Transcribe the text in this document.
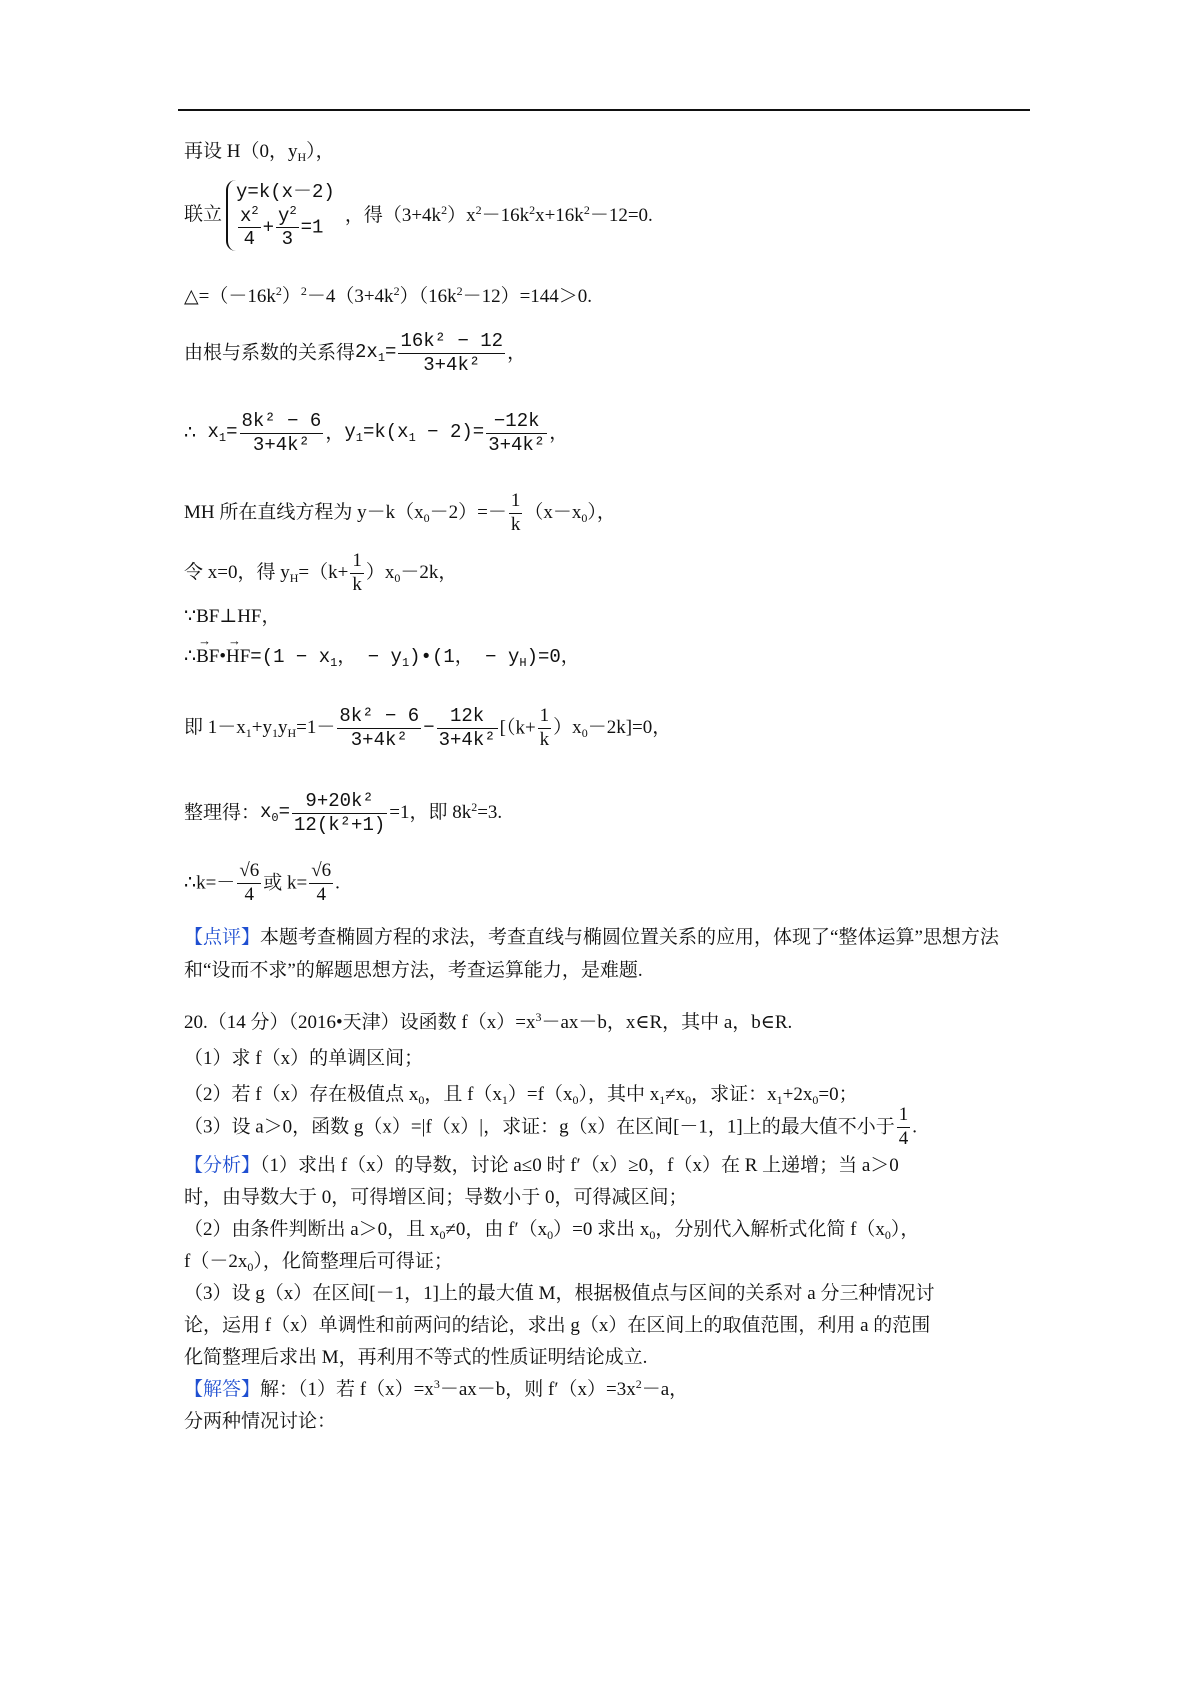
再设 H（0，$y_H$），
联立
y=k(x－2)
$\frac{x^2}{4} + \frac{y^2}{3} =1$
，得$(3+4k^2)x^2-16k^2x+16k^2-12=0$.
$\triangle=(-16k^2)^2-4(3+4k^2)(16k^2-12)=144>0$.
由根与系数的关系得$2x_1= \frac{\text{16k² − 12}}{\text{3+4k²}}$ ，
∴ $x_1= \frac{\text{8k² − 6}}{\text{3+4k²}}$ ，$y_1=k(x_1 - 2)= \frac{-12k}{\text{3+4k²}}$ ，
MH 所在直线方程为 $y-k(x_0-2)=- \frac{1}{k} (x-x_0)$，
令 x=0，得 $y_H=(k+ \frac{1}{k} )x_0-2k$，
∵BF⊥HF，
∴→ BF•→ $HF=(1 - x_1$， − $y_1)•(1$， − $y_H)=0$，
即 $1-x_1+y_1y_H=1- \frac{\text{8k² − 6}}{\text{3+4k²}} - \frac{12k}{\text{3+4k²}} [(k+ \frac{1}{k} )x_0-2k]=0$，
整理得：$x_0= \frac{\text{9+20k²}}{\text{12(k²+1)}} =1$，即 $8k^2=3$.
∴k=－ $\frac{√6}{4}$ 或 $k= \frac{√6}{4}$ .
【点评】本题考查椭圆方程的求法，考查直线与椭圆位置关系的应用，体现了“整体运算”思想方法和“设而不求”的解题思想方法，考查运算能力，是难题.
20.（14 分）（2016•天津）设函数 $f(x)=x^3-ax-b$，x∈R，其中 a，b∈R.
（1）求 f（x）的单调区间；
（2）若 f（x）存在极值点 $x_0$，且 $f(x_1)=f(x_0)$，其中 $x_1\ne x_0$，求证：$x_1+2x_0=0$；
（3）设 a＞0，函数 g（x）=|f（x）|，求证：g（x）在区间[－1，1]上的最大值不小于 $\frac{1}{4}$ .
【分析】（1）求出 f（x）的导数，讨论 a≤0 时 f′（x）≥0，f（x）在 R 上递增；当 a＞0
时，由导数大于 0，可得增区间；导数小于 0，可得减区间；
（2）由条件判断出 a＞0，且 $x_0\ne 0$，由 $f'(x_0)=0$ 求出 $x_0$，分别代入解析式化简 $f(x_0)$，
$f(-2x_0)$，化简整理后可得证；
（3）设 g（x）在区间[－1，1]上的最大值 M，根据极值点与区间的关系对 a 分三种情况讨
论，运用 f（x）单调性和前两问的结论，求出 g（x）在区间上的取值范围，利用 a 的范围
化简整理后求出 M，再利用不等式的性质证明结论成立.
【解答】解：（1）若 $f(x)=x^3-ax-b$，则 $f'(x)=3x^2-a$，
分两种情况讨论：
